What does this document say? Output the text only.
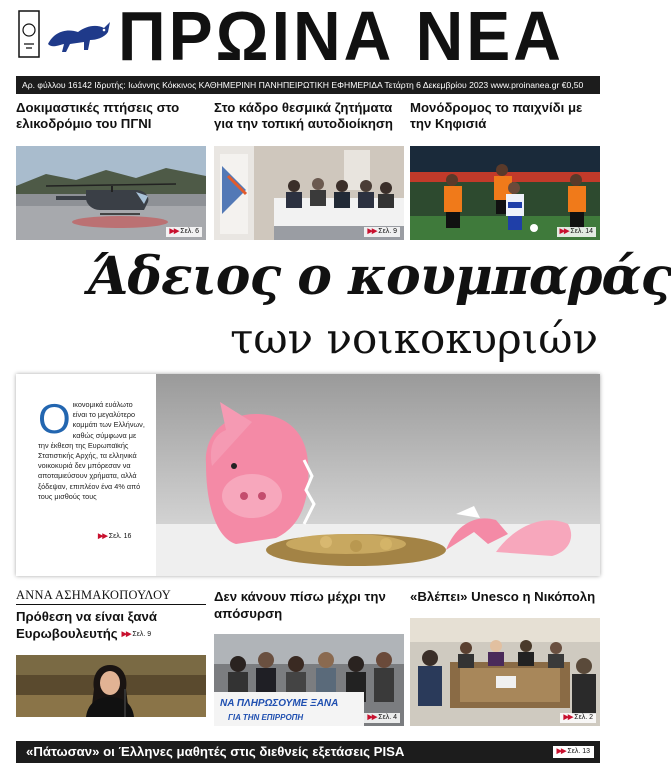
ΠΡΩΙΝΑ ΝΕΑ
Αρ. φύλλου 16142 Ιδρυτής: Ιωάννης Κόκκινος ΚΑΘΗΜΕΡΙΝΗ ΠΑΝΗΠΕΙΡΩΤΙΚΗ ΕΦΗΜΕΡΙΔΑ Τετάρτη 6 Δεκεμβρίου 2023 www.proinanea.gr €0,50
Δοκιμαστικές πτήσεις στο ελικοδρόμιο του ΠΓΝΙ
▶▶ Σελ. 6
Στο κάδρο θεσμικά ζητήματα για την τοπική αυτοδιοίκηση
▶▶ Σελ. 9
Μονόδρομος το παιχνίδι με την Κηφισιά
▶▶ Σελ. 14
Άδειος ο κουμπαράς
των νοικοκυριών
Οικονομικά ευάλωτο είναι το μεγαλύτερο κομμάτι των Ελλήνων, καθώς σύμφωνα με την έκθεση της Ευρωπαϊκής Στατιστικής Αρχής, τα ελληνικά νοικοκυριά δεν μπόρεσαν να αποταμιεύσουν χρήματα, αλλά ξόδεψαν, επιπλέον ένα 4% από τους μισθούς τους
▶▶ Σελ. 16
ΑΝΝΑ ΑΣΗΜΑΚΟΠΟΥΛΟΥ
Πρόθεση να είναι ξανά Ευρωβουλευτής ▶▶ Σελ. 9
Δεν κάνουν πίσω μέχρι την απόσυρση
ΝΑ ΠΛΗΡΩΣΟΥΜΕ ΞΑΝΑ
ΓΙΑ ΤΗΝ ΕΠΙΡΡΟΠΗ	▶▶ Σελ. 4
«Βλέπει» Unesco η Νικόπολη
▶▶ Σελ. 2
«Πάτωσαν» οι Έλληνες μαθητές στις διεθνείς εξετάσεις PISA	▶▶ Σελ. 13
